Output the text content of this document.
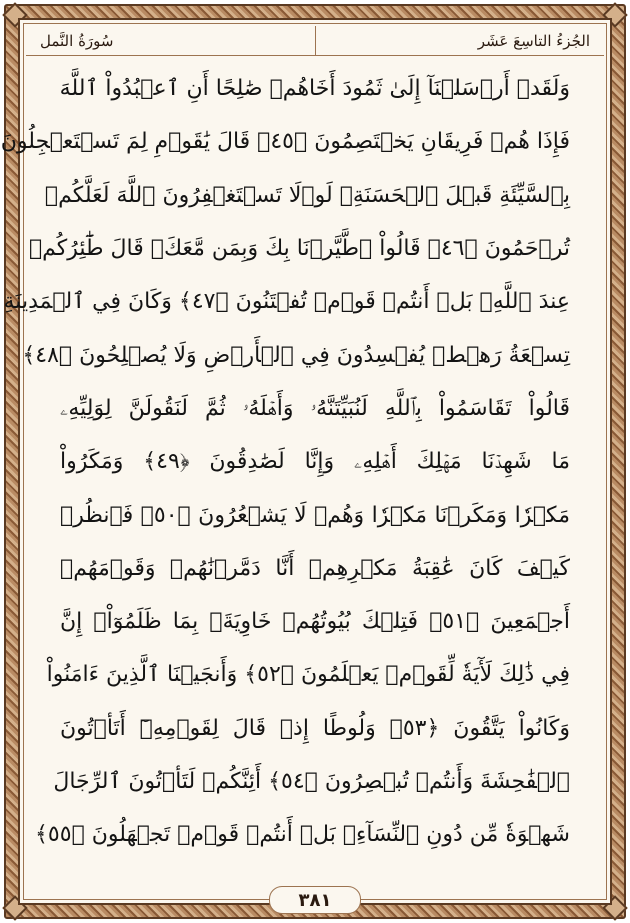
الجُزءُ التاسِعَ عَشَر
سُورَةُ النَّمل
وَلَقَدۡ أَرۡسَلۡنَآ إِلَىٰ ثَمُودَ أَخَاهُمۡ صَٰلِحًا أَنِ ٱعۡبُدُواْ ٱللَّهَ
فَإِذَا هُمۡ فَرِيقَانِ يَخۡتَصِمُونَ ﴿٤٥﴾ قَالَ يَٰقَوۡمِ لِمَ تَسۡتَعۡجِلُونَ
بِٱلسَّيِّئَةِ قَبۡلَ ٱلۡحَسَنَةِۖ لَوۡلَا تَسۡتَغۡفِرُونَ ٱللَّهَ لَعَلَّكُمۡ
تُرۡحَمُونَ ﴿٤٦﴾ قَالُواْ ٱطَّيَّرۡنَا بِكَ وَبِمَن مَّعَكَۚ قَالَ طَٰٓئِرُكُمۡ
عِندَ ٱللَّهِۖ بَلۡ أَنتُمۡ قَوۡمٞ تُفۡتَنُونَ ﴿٤٧﴾ وَكَانَ فِي ٱلۡمَدِينَةِ
تِسۡعَةُ رَهۡطٖ يُفۡسِدُونَ فِي ٱلۡأَرۡضِ وَلَا يُصۡلِحُونَ ﴿٤٨﴾
قَالُواْ تَقَاسَمُواْ بِٱللَّهِ لَنُبَيِّتَنَّهُۥ وَأَهۡلَهُۥ ثُمَّ لَنَقُولَنَّ لِوَلِيِّهِۦ
مَا شَهِدۡنَا مَهۡلِكَ أَهۡلِهِۦ وَإِنَّا لَصَٰدِقُونَ ﴿٤٩﴾ وَمَكَرُواْ
مَكۡرٗا وَمَكَرۡنَا مَكۡرٗا وَهُمۡ لَا يَشۡعُرُونَ ﴿٥٠﴾ فَٱنظُرۡ
كَيۡفَ كَانَ عَٰقِبَةُ مَكۡرِهِمۡ أَنَّا دَمَّرۡنَٰهُمۡ وَقَوۡمَهُمۡ
أَجۡمَعِينَ ﴿٥١﴾ فَتِلۡكَ بُيُوتُهُمۡ خَاوِيَةَۢ بِمَا ظَلَمُوٓاْۚ إِنَّ
فِي ذَٰلِكَ لَأٓيَةٗ لِّقَوۡمٖ يَعۡلَمُونَ ﴿٥٢﴾ وَأَنجَيۡنَا ٱلَّذِينَ ءَامَنُواْ
وَكَانُواْ يَتَّقُونَ ﴿٥٣﴾ وَلُوطًا إِذۡ قَالَ لِقَوۡمِهِۦٓ أَتَأۡتُونَ
ٱلۡفَٰحِشَةَ وَأَنتُمۡ تُبۡصِرُونَ ﴿٥٤﴾ أَئِنَّكُمۡ لَتَأۡتُونَ ٱلرِّجَالَ
شَهۡوَةٗ مِّن دُونِ ٱلنِّسَآءِۚ بَلۡ أَنتُمۡ قَوۡمٞ تَجۡهَلُونَ ﴿٥٥﴾
٣٨١
